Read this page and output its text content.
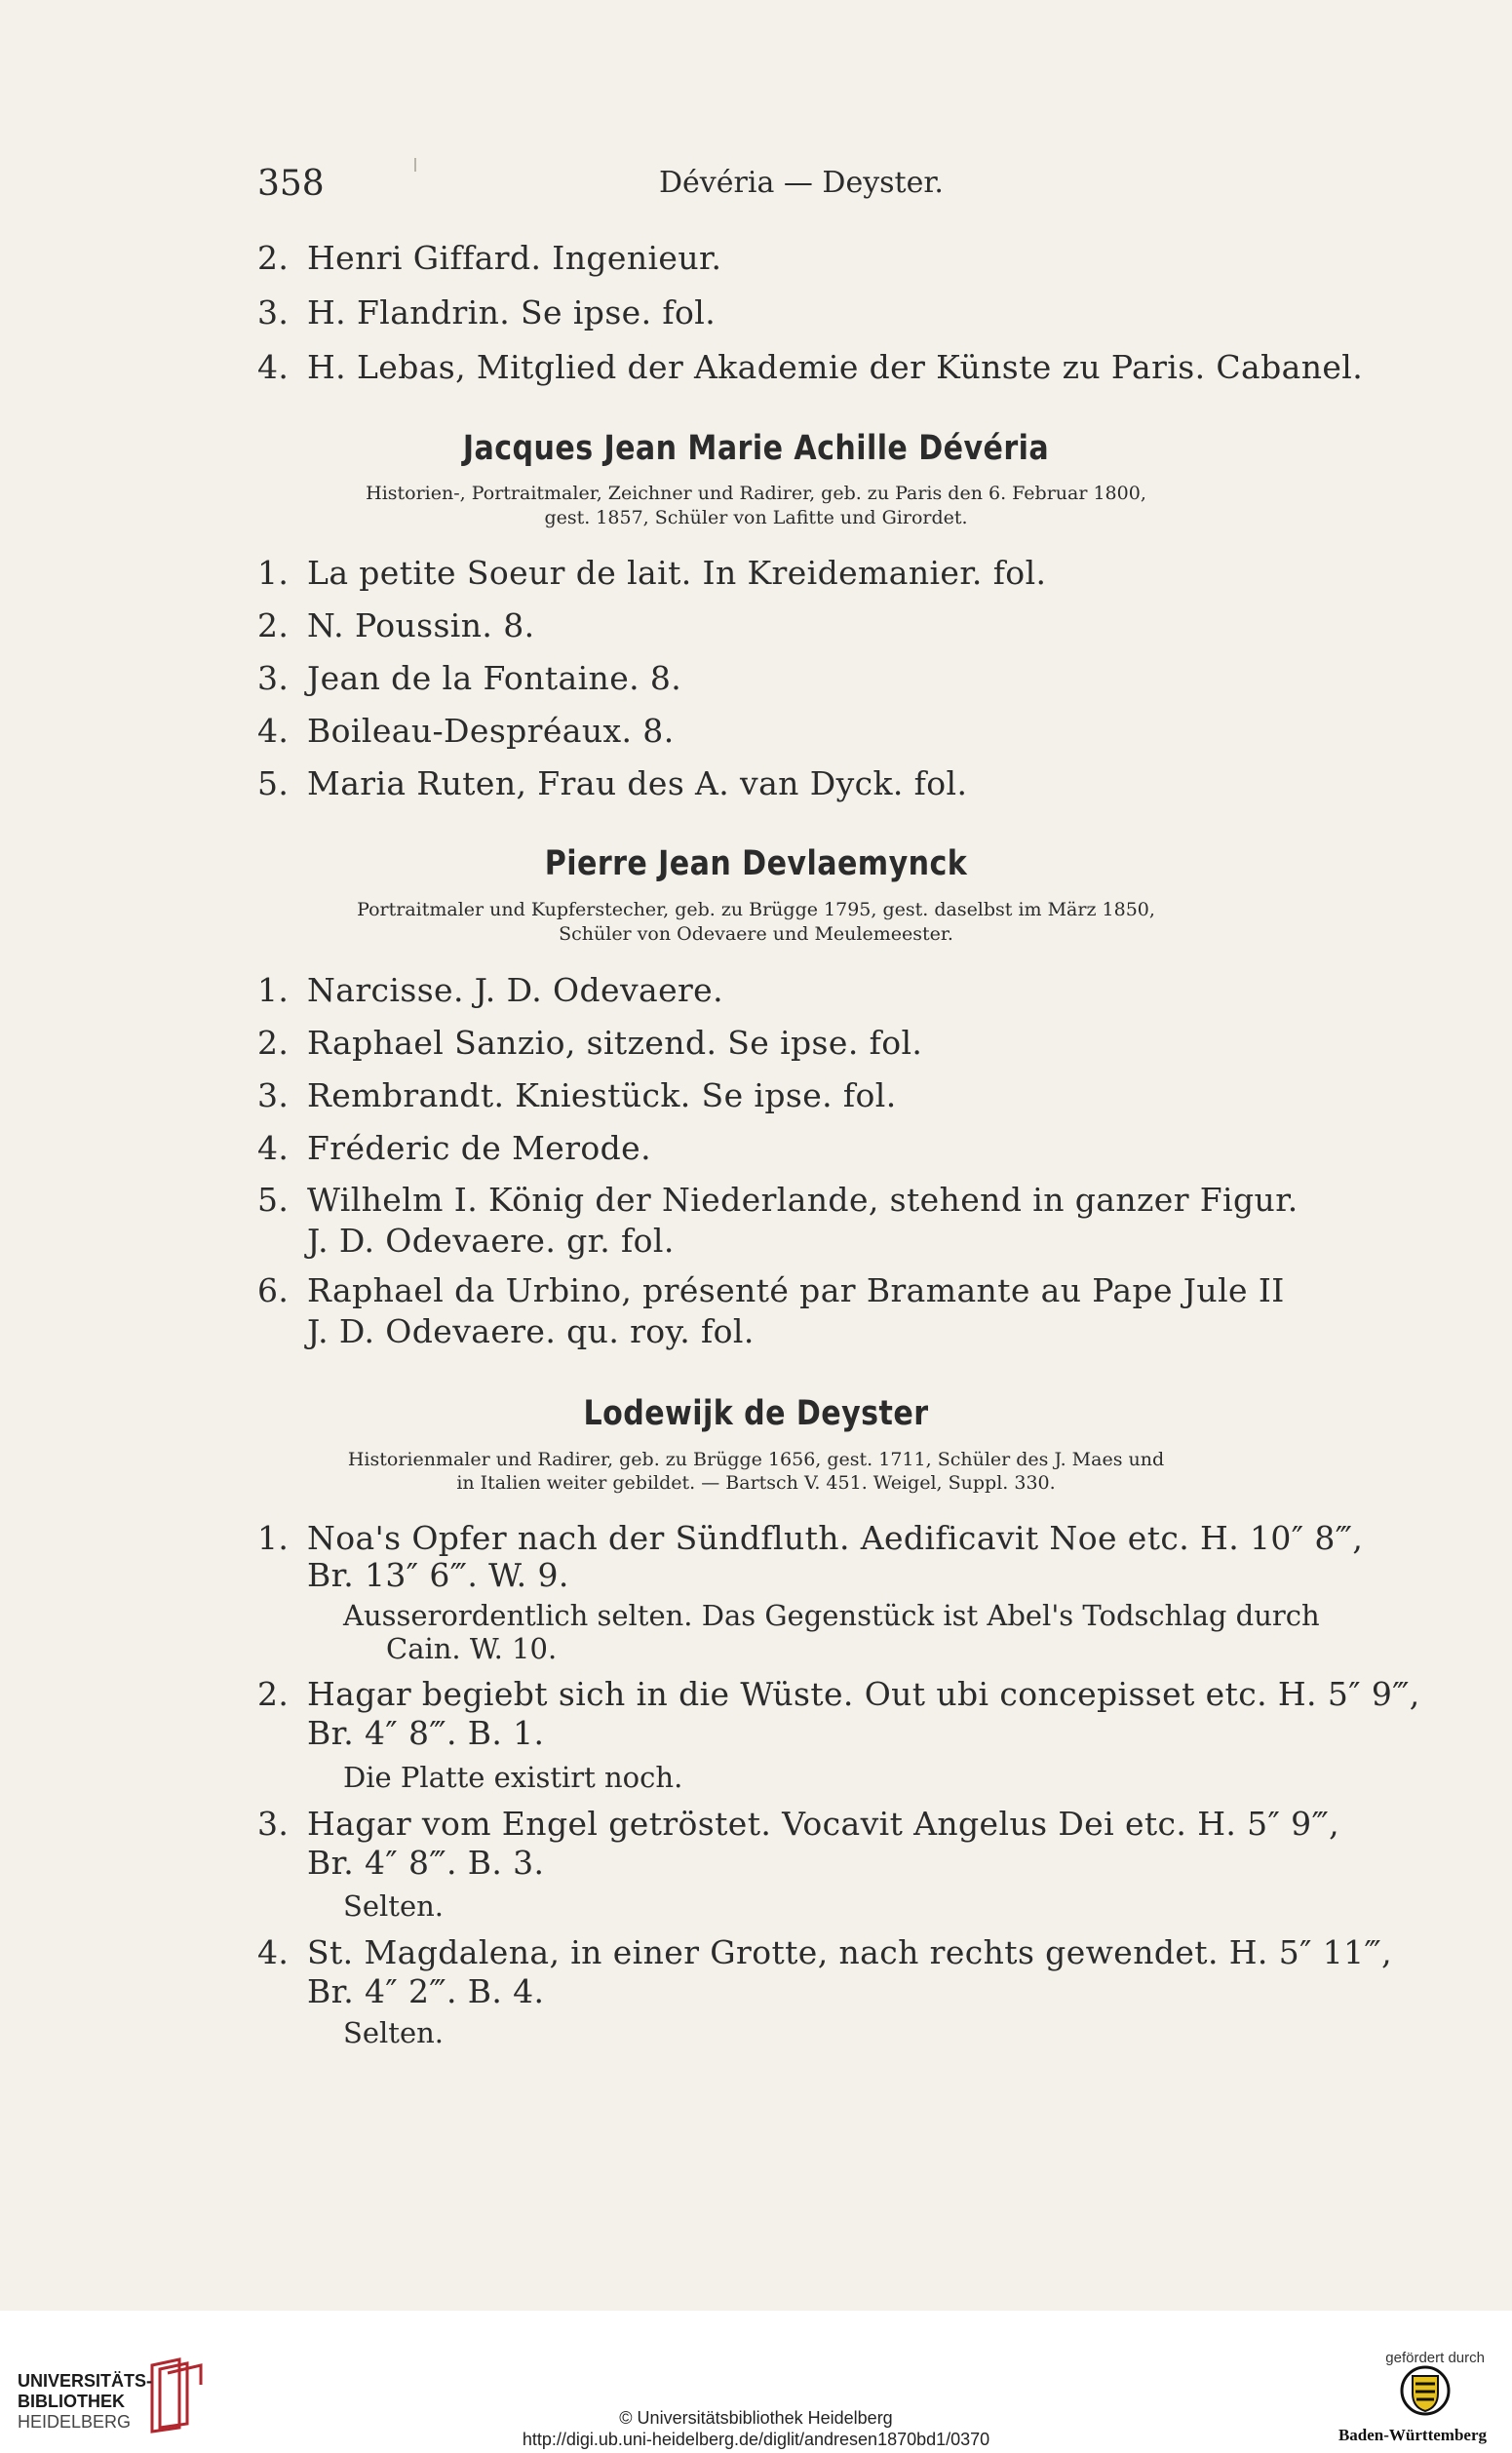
358	Dévéria — Deyster.
2. Henri Giffard. Ingenieur.
3. H. Flandrin. Se ipse. fol.
4. H. Lebas, Mitglied der Akademie der Künste zu Paris. Cabanel.
Jacques Jean Marie Achille Dévéria
Historien-, Portraitmaler, Zeichner und Radirer, geb. zu Paris den 6. Februar 1800,
gest. 1857, Schüler von Lafitte und Girordet.
1. La petite Soeur de lait. In Kreidemanier. fol.
2. N. Poussin. 8.
3. Jean de la Fontaine. 8.
4. Boileau-Despréaux. 8.
5. Maria Ruten, Frau des A. van Dyck. fol.
Pierre Jean Devlaemynck
Portraitmaler und Kupferstecher, geb. zu Brügge 1795, gest. daselbst im März 1850,
Schüler von Odevaere und Meulemeester.
1. Narcisse. J. D. Odevaere.
2. Raphael Sanzio, sitzend. Se ipse. fol.
3. Rembrandt. Kniestück. Se ipse. fol.
4. Fréderic de Merode.
5. Wilhelm I. König der Niederlande, stehend in ganzer Figur.
J. D. Odevaere. gr. fol.
6. Raphael da Urbino, présenté par Bramante au Pape Jule II
J. D. Odevaere. qu. roy. fol.
Lodewijk de Deyster
Historienmaler und Radirer, geb. zu Brügge 1656, gest. 1711, Schüler des J. Maes und
in Italien weiter gebildet. — Bartsch V. 451. Weigel, Suppl. 330.
1. Noa's Opfer nach der Sündfluth. Aedificavit Noe etc. H. 10″ 8‴,
Br. 13″ 6‴. W. 9.
Ausserordentlich selten. Das Gegenstück ist Abel's Todschlag durch
Cain. W. 10.
2. Hagar begiebt sich in die Wüste. Out ubi concepisset etc. H. 5″ 9‴,
Br. 4″ 8‴. B. 1.
Die Platte existirt noch.
3. Hagar vom Engel getröstet. Vocavit Angelus Dei etc. H. 5″ 9‴,
Br. 4″ 8‴. B. 3.
Selten.
4. St. Magdalena, in einer Grotte, nach rechts gewendet. H. 5″ 11‴,
Br. 4″ 2‴. B. 4.
Selten.
UNIVERSITÄTS-
BIBLIOTHEK
HEIDELBERG	© Universitätsbibliothek Heidelberg
http://digi.ub.uni-heidelberg.de/diglit/andresen1870bd1/0370
gefördert durch
Baden-Württemberg
